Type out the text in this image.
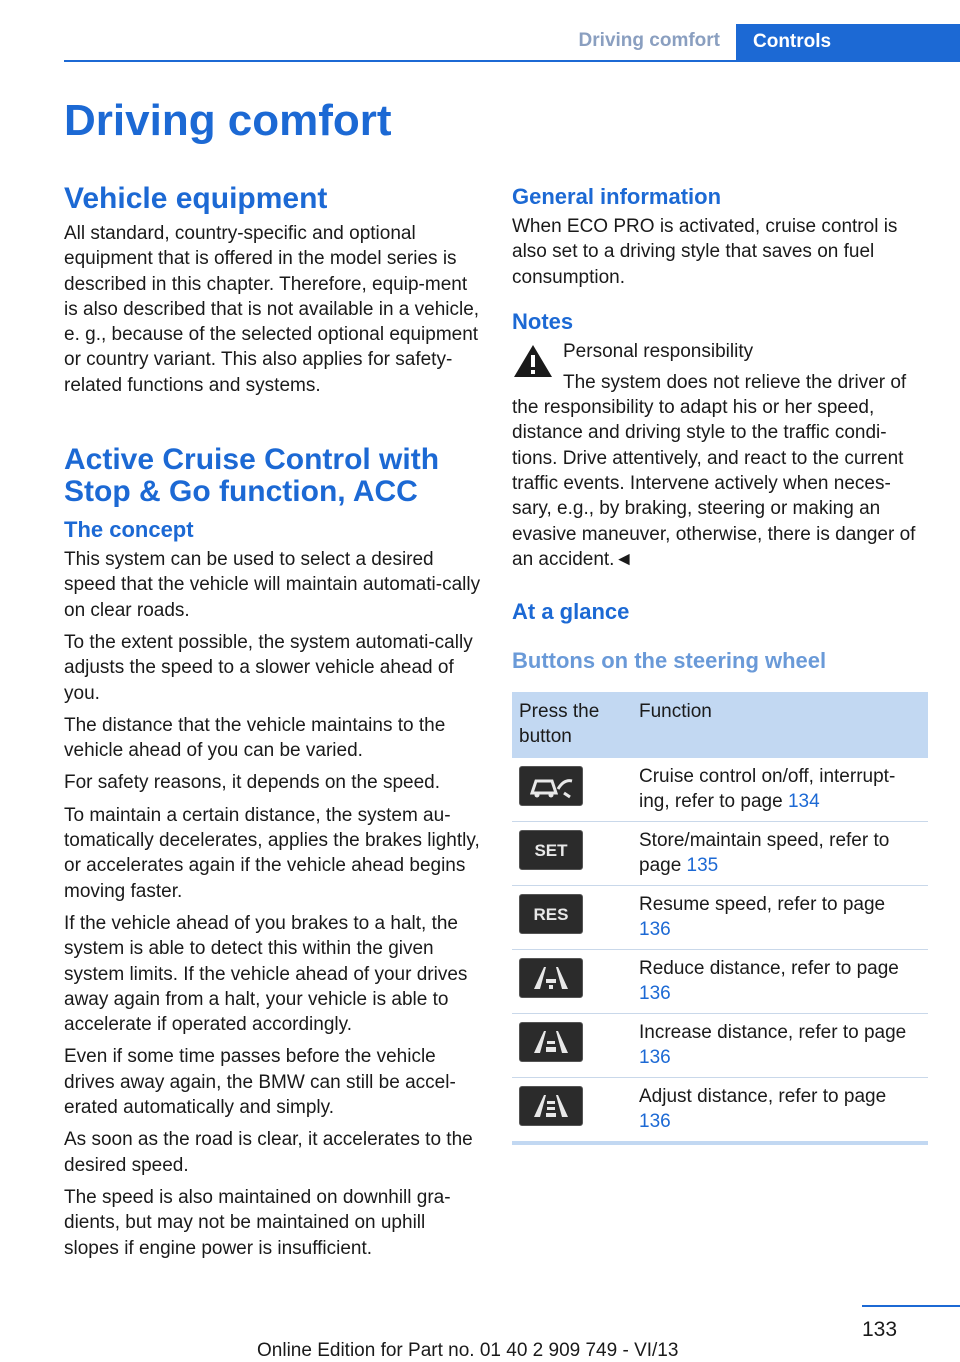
Driving comfort	Controls
Driving comfort
Vehicle equipment

All standard, country-specific and optional equipment that is offered in the model series is described in this chapter. Therefore, equip-ment is also described that is not available in a vehicle, e. g., because of the selected optional equipment or country variant. This also applies for safety-related functions and systems.

Active Cruise Control with Stop & Go function, ACC
The concept

This system can be used to select a desired speed that the vehicle will maintain automati-cally on clear roads.

To the extent possible, the system automati-cally adjusts the speed to a slower vehicle ahead of you.

The distance that the vehicle maintains to the vehicle ahead of you can be varied.

For safety reasons, it depends on the speed.

To maintain a certain distance, the system au-tomatically decelerates, applies the brakes lightly, or accelerates again if the vehicle ahead begins moving faster.

If the vehicle ahead of you brakes to a halt, the system is able to detect this within the given system limits. If the vehicle ahead of your drives away again from a halt, your vehicle is able to accelerate if operated accordingly.

Even if some time passes before the vehicle drives away again, the BMW can still be accel-erated automatically and simply.

As soon as the road is clear, it accelerates to the desired speed.

The speed is also maintained on downhill gra-dients, but may not be maintained on uphill slopes if engine power is insufficient.

General information

When ECO PRO is activated, cruise control is also set to a driving style that saves on fuel consumption.

Notes

Personal responsibility

The system does not relieve the driver of the responsibility to adapt his or her speed, distance and driving style to the traffic condi-tions. Drive attentively, and react to the current traffic events. Intervene actively when neces-sary, e.g., by braking, steering or making an evasive maneuver, otherwise, there is danger of an accident.◄

At a glance
Buttons on the steering wheel
Press the button	Function

	Cruise control on/off, interrupt-ing, refer to page 134

SET	Store/maintain speed, refer to page 135

RES	Resume speed, refer to page 136

	Reduce distance, refer to page 136

	Increase distance, refer to page 136

	Adjust distance, refer to page 136
133
Online Edition for Part no. 01 40 2 909 749 - VI/13
